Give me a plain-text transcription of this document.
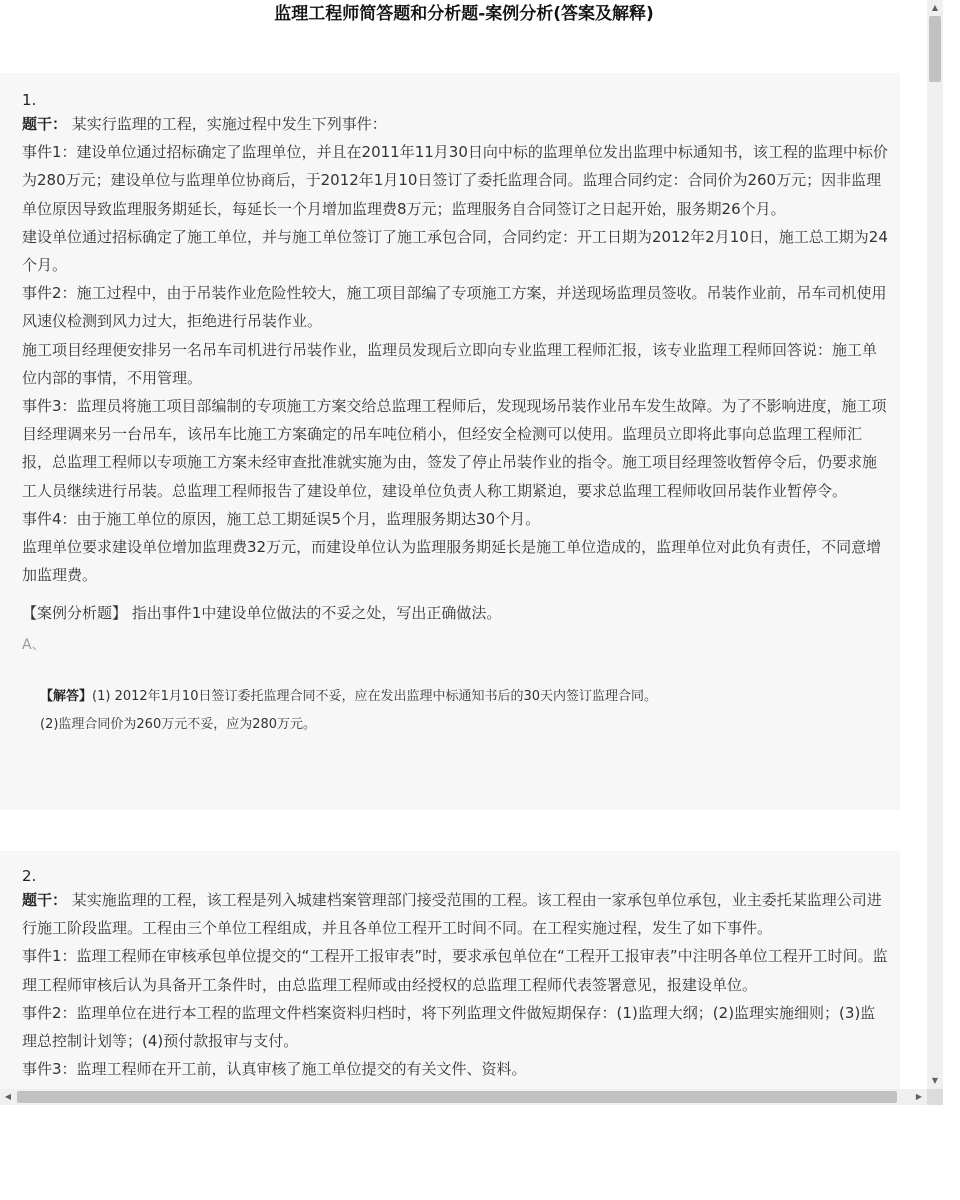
监理工程师简答题和分析题-案例分析(答案及解释)
1.

题干： 某实行监理的工程，实施过程中发生下列事件：

事件1：建设单位通过招标确定了监理单位，并且在2011年11月30日向中标的监理单位发出监理中标通知书，该工程的监理中标价为280万元；建设单位与监理单位协商后，于2012年1月10日签订了委托监理合同。监理合同约定：合同价为260万元；因非监理单位原因导致监理服务期延长，每延长一个月增加监理费8万元；监理服务自合同签订之日起开始，服务期26个月。

建设单位通过招标确定了施工单位，并与施工单位签订了施工承包合同，合同约定：开工日期为2012年2月10日，施工总工期为24个月。

事件2：施工过程中，由于吊装作业危险性较大，施工项目部编了专项施工方案，并送现场监理员签收。吊装作业前，吊车司机使用风速仪检测到风力过大，拒绝进行吊装作业。

施工项目经理便安排另一名吊车司机进行吊装作业，监理员发现后立即向专业监理工程师汇报，该专业监理工程师回答说：施工单位内部的事情，不用管理。

事件3：监理员将施工项目部编制的专项施工方案交给总监理工程师后，发现现场吊装作业吊车发生故障。为了不影响进度，施工项目经理调来另一台吊车，该吊车比施工方案确定的吊车吨位稍小，但经安全检测可以使用。监理员立即将此事向总监理工程师汇报，总监理工程师以专项施工方案未经审查批准就实施为由，签发了停止吊装作业的指令。施工项目经理签收暂停令后，仍要求施工人员继续进行吊装。总监理工程师报告了建设单位，建设单位负责人称工期紧迫，要求总监理工程师收回吊装作业暂停令。

事件4：由于施工单位的原因，施工总工期延误5个月，监理服务期达30个月。

监理单位要求建设单位增加监理费32万元，而建设单位认为监理服务期延长是施工单位造成的，监理单位对此负有责任，不同意增加监理费。

【案例分析题】 指出事件1中建设单位做法的不妥之处，写出正确做法。
A、
【解答】(1) 2012年1月10日签订委托监理合同不妥，应在发出监理中标通知书后的30天内签订监理合同。
(2)监理合同价为260万元不妥，应为280万元。
2.

题干： 某实施监理的工程，该工程是列入城建档案管理部门接受范围的工程。该工程由一家承包单位承包，业主委托某监理公司进行施工阶段监理。工程由三个单位工程组成，并且各单位工程开工时间不同。在工程实施过程，发生了如下事件。

事件1：监理工程师在审核承包单位提交的“工程开工报审表”时，要求承包单位在“工程开工报审表”中注明各单位工程开工时间。监理工程师审核后认为具备开工条件时，由总监理工程师或由经授权的总监理工程师代表签署意见，报建设单位。

事件2：监理单位在进行本工程的监理文件档案资料归档时，将下列监理文件做短期保存：(1)监理大纲；(2)监理实施细则；(3)监理总控制计划等；(4)预付款报审与支付。

事件3：监理工程师在开工前，认真审核了施工单位提交的有关文件、资料。

▲
▼
◀	▶
